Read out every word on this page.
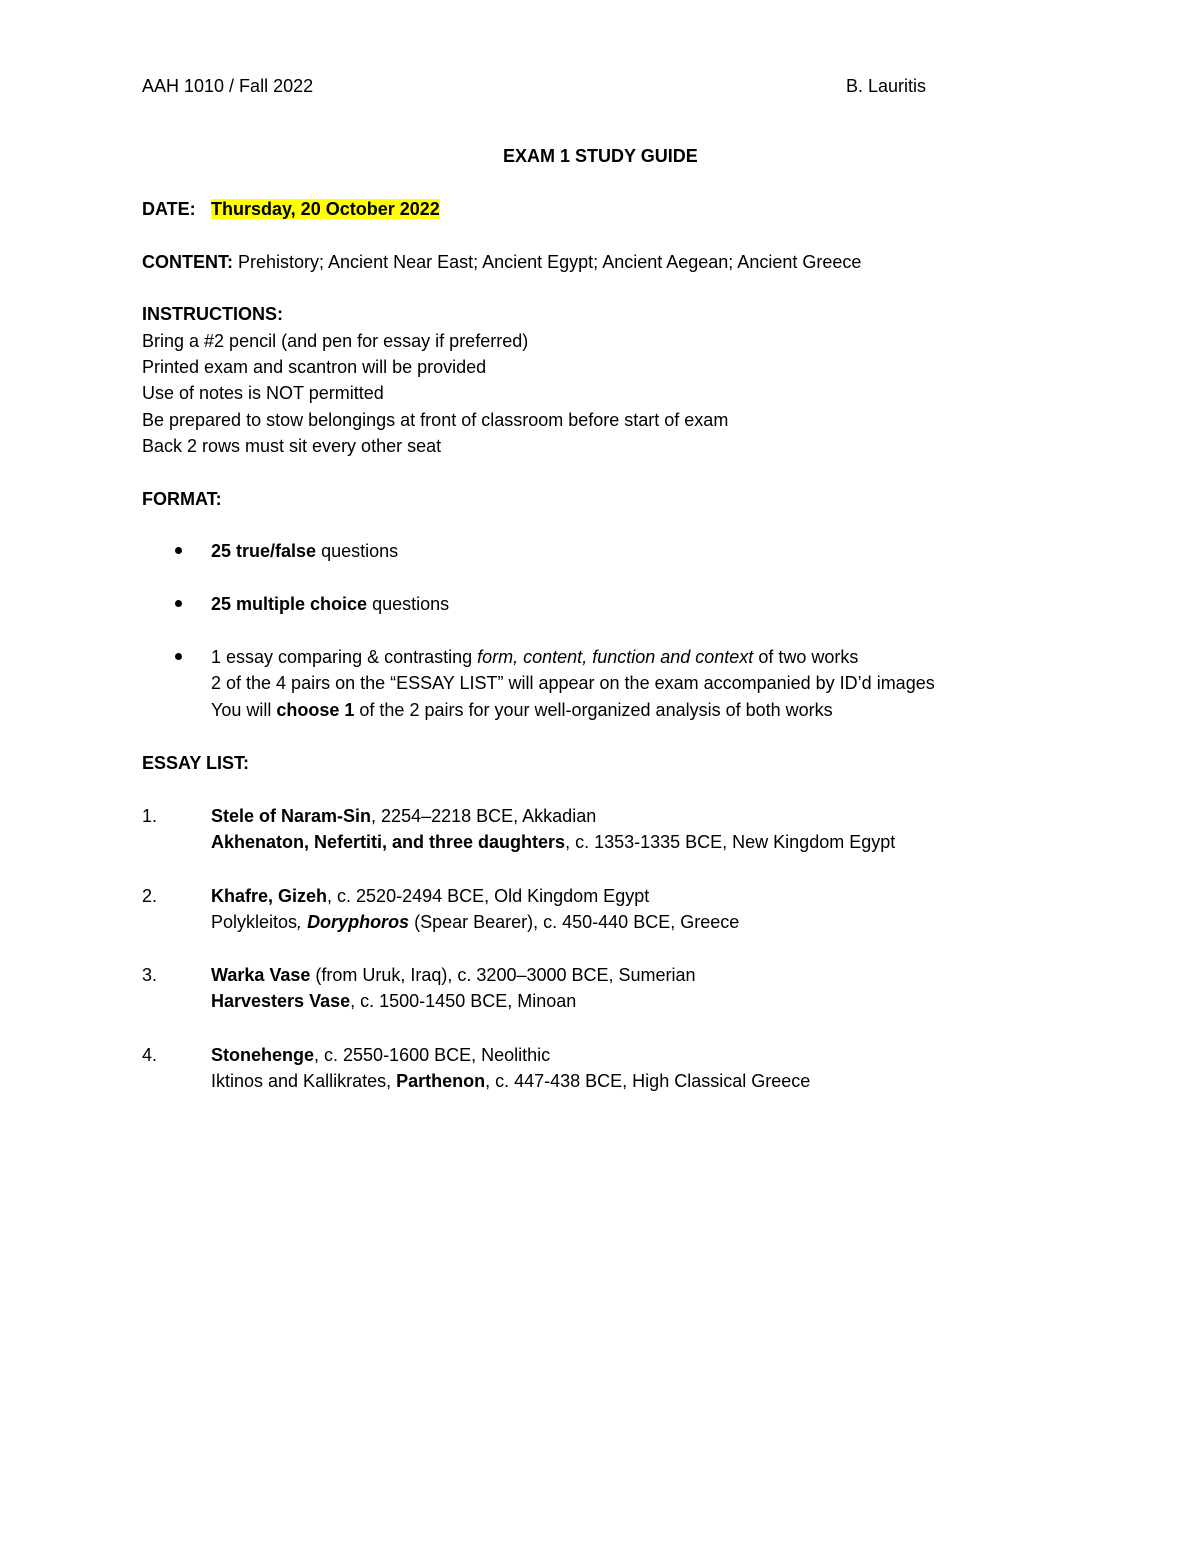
AAH 1010 / Fall 2022	B. Lauritis
EXAM 1 STUDY GUIDE
DATE: Thursday, 20 October 2022
CONTENT: Prehistory; Ancient Near East; Ancient Egypt; Ancient Aegean; Ancient Greece
INSTRUCTIONS:
Bring a #2 pencil (and pen for essay if preferred)
Printed exam and scantron will be provided
Use of notes is NOT permitted
Be prepared to stow belongings at front of classroom before start of exam
Back 2 rows must sit every other seat
FORMAT:
25 true/false questions
25 multiple choice questions
1 essay comparing & contrasting form, content, function and context of two works
2 of the 4 pairs on the “ESSAY LIST” will appear on the exam accompanied by ID’d images
You will choose 1 of the 2 pairs for your well-organized analysis of both works
ESSAY LIST:
1.	Stele of Naram-Sin, 2254–2218 BCE, Akkadian
Akhenaton, Nefertiti, and three daughters, c. 1353-1335 BCE, New Kingdom Egypt
2.	Khafre, Gizeh, c. 2520-2494 BCE, Old Kingdom Egypt
Polykleitos, Doryphoros (Spear Bearer), c. 450-440 BCE, Greece
3.	Warka Vase (from Uruk, Iraq), c. 3200–3000 BCE, Sumerian
Harvesters Vase, c. 1500-1450 BCE, Minoan
4.	Stonehenge, c. 2550-1600 BCE, Neolithic
Iktinos and Kallikrates, Parthenon, c. 447-438 BCE, High Classical Greece
